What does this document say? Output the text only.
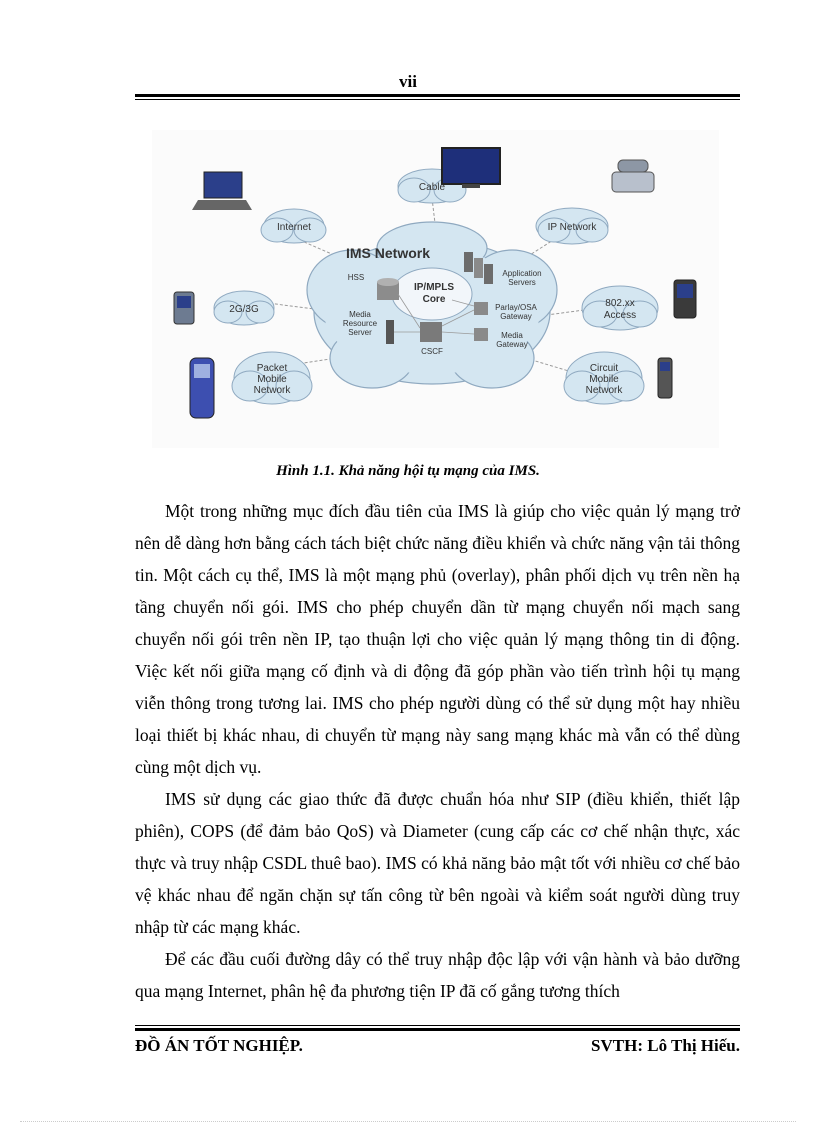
vii
Internet
Cable
IP Network
2G/3G
802.xx
Access
Packet
Mobile
Network
Circuit
Mobile
Network
IMS Network
IP/MPLS
Core
HSS	Application
Servers
Parlay/OSA
Gateway
Media
Resource
Server
CSCF
Media
Gateway
Hình 1.1. Khả năng hội tụ mạng của IMS.

Một trong những mục đích đầu tiên của IMS là giúp cho việc quản lý mạng trở nên dễ dàng hơn bằng cách tách biệt chức năng điều khiển và chức năng vận tải thông tin. Một cách cụ thể, IMS là một mạng phủ (overlay), phân phối dịch vụ trên nền hạ tầng chuyển nối gói. IMS cho phép chuyển dần từ mạng chuyển nối mạch sang chuyển nối gói trên nền IP, tạo thuận lợi cho việc quản lý mạng thông tin di động. Việc kết nối giữa mạng cố định và di động đã góp phần vào tiến trình hội tụ mạng viễn thông trong tương lai. IMS cho phép người dùng có thể sử dụng một hay nhiều loại thiết bị khác nhau, di chuyển từ mạng này sang mạng khác mà vẫn có thể dùng cùng một dịch vụ.

IMS sử dụng các giao thức đã được chuẩn hóa như SIP (điều khiển, thiết lập phiên), COPS (để đảm bảo QoS) và Diameter (cung cấp các cơ chế nhận thực, xác thực và truy nhập CSDL thuê bao). IMS có khả năng bảo mật tốt với nhiều cơ chế bảo vệ khác nhau để ngăn chặn sự tấn công từ bên ngoài và kiểm soát người dùng truy nhập từ các mạng khác.

Để các đầu cuối đường dây có thể truy nhập độc lập với vận hành và bảo dưỡng qua mạng Internet, phân hệ đa phương tiện IP đã cố gắng tương thích

ĐỒ ÁN TỐT NGHIỆP.	SVTH: Lô Thị Hiếu.
